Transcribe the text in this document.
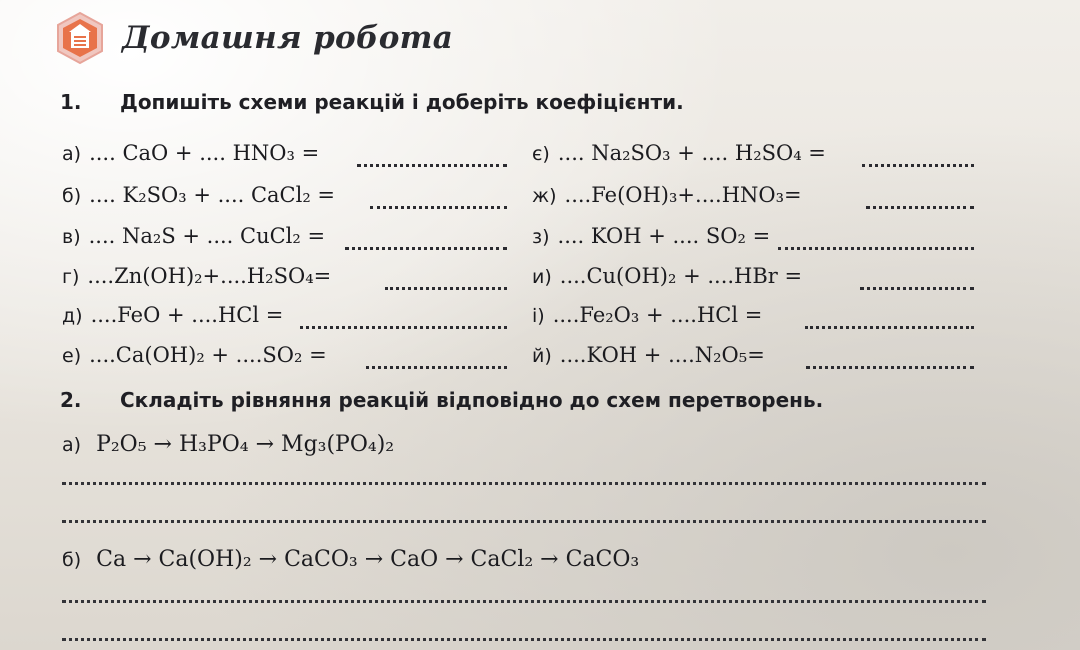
Домашня робота
1.	Допишіть схеми реакцій і доберіть коефіцієнти.
а) .... CaO + .... HNO₃ =
б) .... K₂SO₃ + .... CaCl₂ =
в) .... Na₂S + .... CuCl₂ =
г) ....Zn(OH)₂+....H₂SO₄=
д) ....FeO + ....HCl =
е) ....Ca(OH)₂ + ....SO₂ =
є) .... Na₂SO₃ + .... H₂SO₄ =
ж) ....Fe(OH)₃+....HNO₃=
з) .... KOH + .... SO₂ =
и) ....Cu(OH)₂ + ....HBr =
і) ....Fe₂O₃ + ....HCl =
й) ....KOH + ....N₂O₅=
2.	Складіть рівняння реакцій відповідно до схем перетворень.
а) P₂O₅ → H₃PO₄ → Mg₃(PO₄)₂
б) Ca → Ca(OH)₂ → CaCO₃ → CaO → CaCl₂ → CaCO₃
